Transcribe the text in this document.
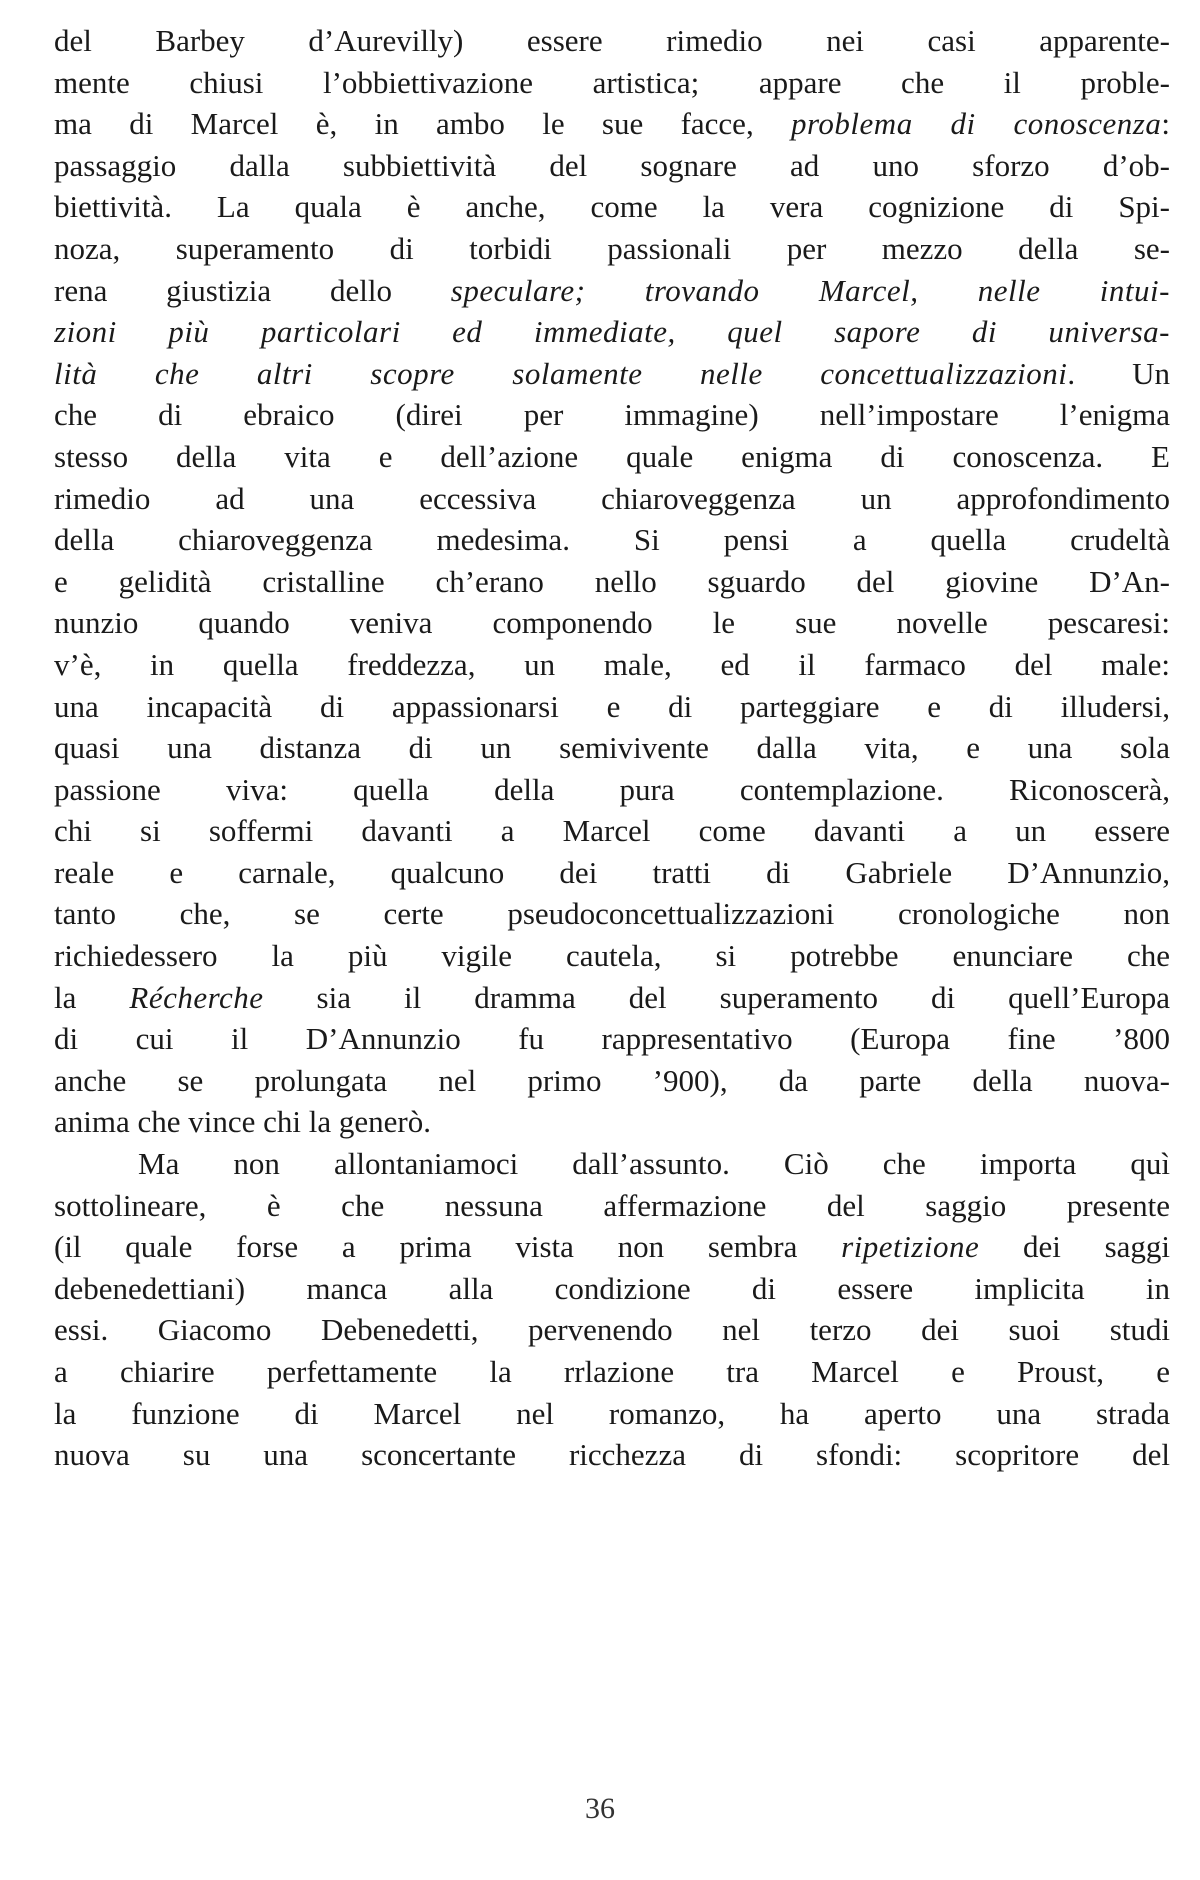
del Barbey d’Aurevilly) essere rimedio nei casi apparente-
mente chiusi l’obbiettivazione artistica; appare che il proble-
ma di Marcel è, in ambo le sue facce, problema di conoscenza:
passaggio dalla subbiettività del sognare ad uno sforzo d’ob-
biettività. La quala è anche, come la vera cognizione di Spi-
noza, superamento di torbidi passionali per mezzo della se-
rena giustizia dello speculare; trovando Marcel, nelle intui-
zioni più particolari ed immediate, quel sapore di universa-
lità che altri scopre solamente nelle concettualizzazioni. Un
che di ebraico (direi per immagine) nell’impostare l’enigma
stesso della vita e dell’azione quale enigma di conoscenza. E
rimedio ad una eccessiva chiaroveggenza un approfondimento
della chiaroveggenza medesima. Si pensi a quella crudeltà
e gelidità cristalline ch’erano nello sguardo del giovine D’An-
nunzio quando veniva componendo le sue novelle pescaresi:
v’è, in quella freddezza, un male, ed il farmaco del male:
una incapacità di appassionarsi e di parteggiare e di illudersi,
quasi una distanza di un semivivente dalla vita, e una sola
passione viva: quella della pura contemplazione. Riconoscerà,
chi si soffermi davanti a Marcel come davanti a un essere
reale e carnale, qualcuno dei tratti di Gabriele D’Annunzio,
tanto che, se certe pseudoconcettualizzazioni cronologiche non
richiedessero la più vigile cautela, si potrebbe enunciare che
la Récherche sia il dramma del superamento di quell’Europa
di cui il D’Annunzio fu rappresentativo (Europa fine ’800
anche se prolungata nel primo ’900), da parte della nuova-
anima che vince chi la generò.
Ma non allontaniamoci dall’assunto. Ciò che importa quì
sottolineare, è che nessuna affermazione del saggio presente
(il quale forse a prima vista non sembra ripetizione dei saggi
debenedettiani) manca alla condizione di essere implicita in
essi. Giacomo Debenedetti, pervenendo nel terzo dei suoi studi
a chiarire perfettamente la rrlazione tra Marcel e Proust, e
la funzione di Marcel nel romanzo, ha aperto una strada
nuova su una sconcertante ricchezza di sfondi: scopritore del
36
